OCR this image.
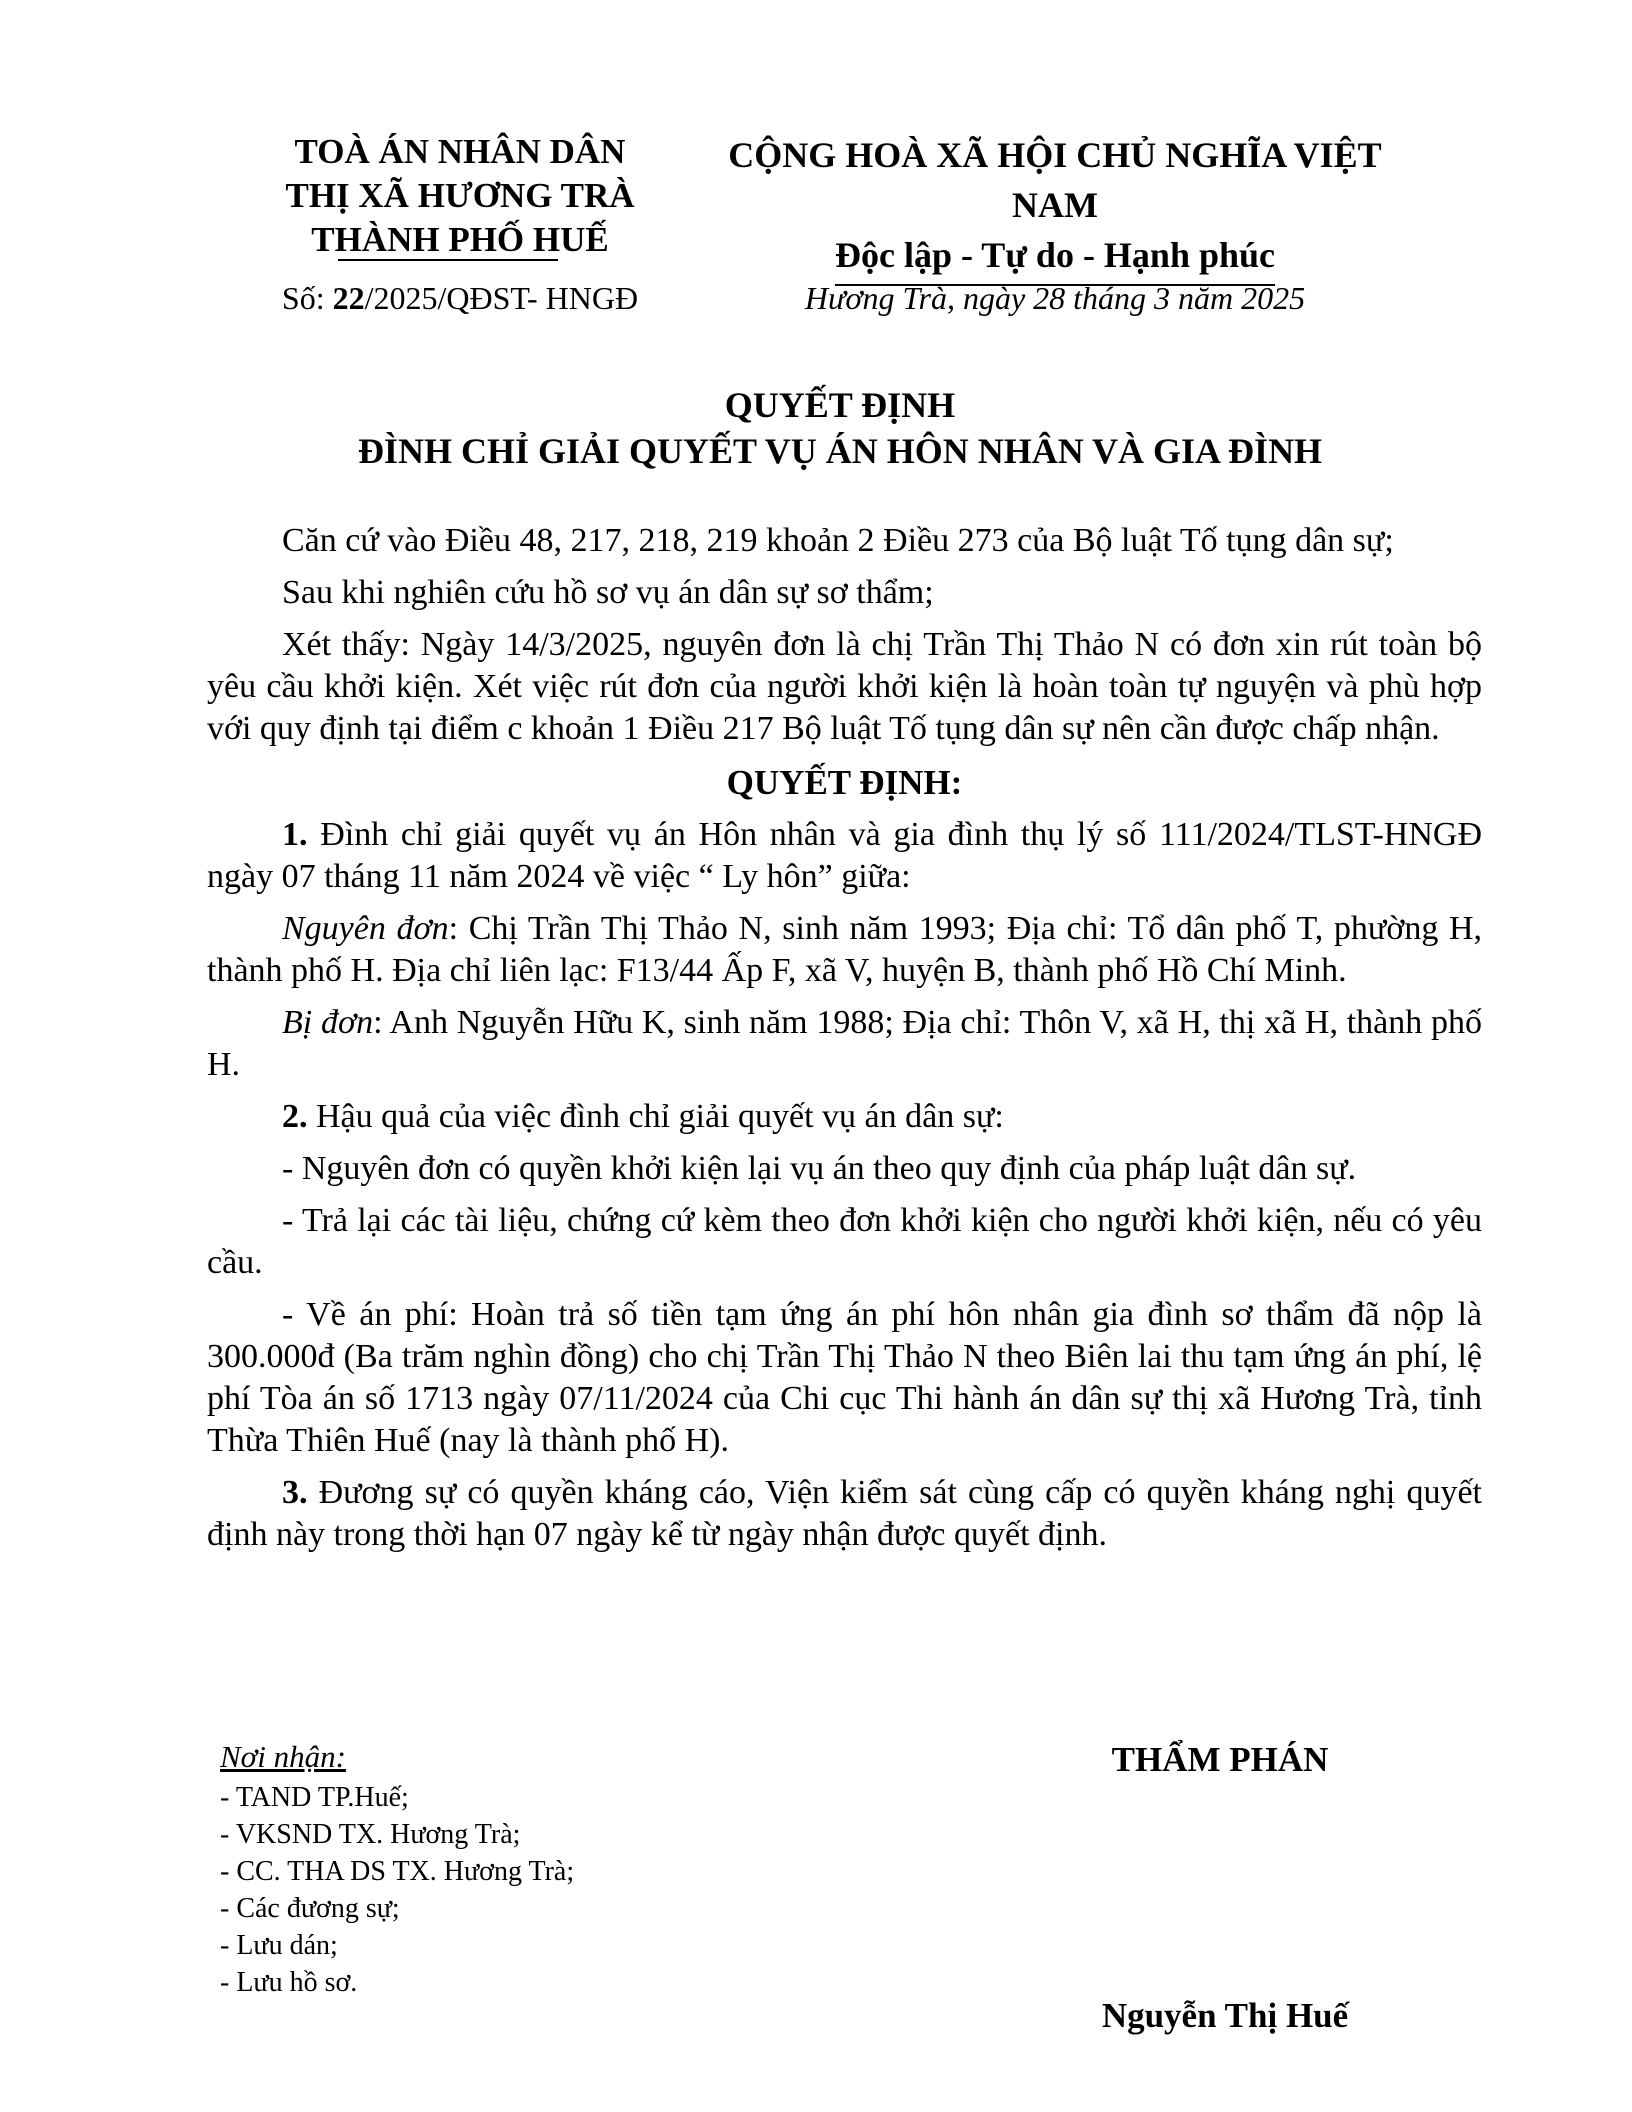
TOÀ ÁN NHÂN DÂN
THỊ XÃ HƯƠNG TRÀ
THÀNH PHỐ HUẾ
CỘNG HOÀ XÃ HỘI CHỦ NGHĨA VIỆT NAM
Độc lập - Tự do - Hạnh phúc
Số: 22/2025/QĐST- HNGĐ	Hương Trà, ngày 28 tháng 3 năm 2025
QUYẾT ĐỊNH
ĐÌNH CHỈ GIẢI QUYẾT VỤ ÁN HÔN NHÂN VÀ GIA ĐÌNH

Căn cứ vào Điều 48, 217, 218, 219 khoản 2 Điều 273 của Bộ luật Tố tụng dân sự;

Sau khi nghiên cứu hồ sơ vụ án dân sự sơ thẩm;

Xét thấy: Ngày 14/3/2025, nguyên đơn là chị Trần Thị Thảo N có đơn xin rút toàn bộ yêu cầu khởi kiện. Xét việc rút đơn của người khởi kiện là hoàn toàn tự nguyện và phù hợp với quy định tại điểm c khoản 1 Điều 217 Bộ luật Tố tụng dân sự nên cần được chấp nhận.

QUYẾT ĐỊNH:

1. Đình chỉ giải quyết vụ án Hôn nhân và gia đình thụ lý số 111/2024/TLST-HNGĐ ngày 07 tháng 11 năm 2024 về việc “ Ly hôn” giữa:

Nguyên đơn: Chị Trần Thị Thảo N, sinh năm 1993; Địa chỉ: Tổ dân phố T, phường H, thành phố H. Địa chỉ liên lạc: F13/44 Ấp F, xã V, huyện B, thành phố Hồ Chí Minh.

Bị đơn: Anh Nguyễn Hữu K, sinh năm 1988; Địa chỉ: Thôn V, xã H, thị xã H, thành phố H.

2. Hậu quả của việc đình chỉ giải quyết vụ án dân sự:

- Nguyên đơn có quyền khởi kiện lại vụ án theo quy định của pháp luật dân sự.

- Trả lại các tài liệu, chứng cứ kèm theo đơn khởi kiện cho người khởi kiện, nếu có yêu cầu.

- Về án phí: Hoàn trả số tiền tạm ứng án phí hôn nhân gia đình sơ thẩm đã nộp là 300.000đ (Ba trăm nghìn đồng) cho chị Trần Thị Thảo N theo Biên lai thu tạm ứng án phí, lệ phí Tòa án số 1713 ngày 07/11/2024 của Chi cục Thi hành án dân sự thị xã Hương Trà, tỉnh Thừa Thiên Huế (nay là thành phố H).

3. Đương sự có quyền kháng cáo, Viện kiểm sát cùng cấp có quyền kháng nghị quyết định này trong thời hạn 07 ngày kể từ ngày nhận được quyết định.

Nơi nhận:
- TAND TP.Huế;
- VKSND TX. Hương Trà;
- CC. THA DS TX. Hương Trà;
- Các đương sự;
- Lưu dán;
- Lưu hồ sơ.
THẨM PHÁN
Nguyễn Thị Huế
